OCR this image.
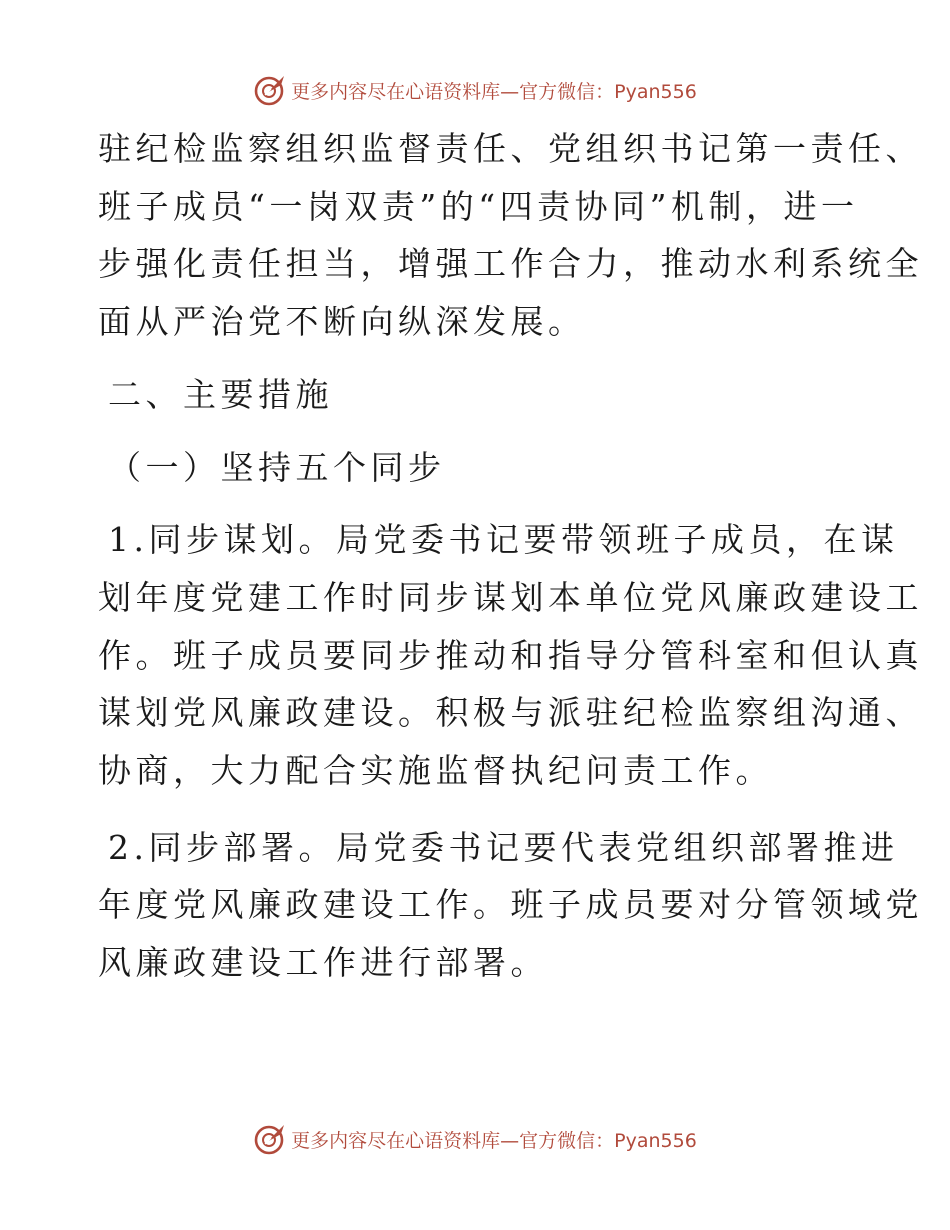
更多内容尽在心语资料库—官方微信：Pyan556

驻纪检监察组织监督责任、党组织书记第一责任、
班子成员“一岗双责”的“四责协同”机制，进一
步强化责任担当，增强工作合力，推动水利系统全
面从严治党不断向纵深发展。

二、主要措施

（一）坚持五个同步

1.同步谋划。局党委书记要带领班子成员，在谋
划年度党建工作时同步谋划本单位党风廉政建设工
作。班子成员要同步推动和指导分管科室和但认真
谋划党风廉政建设。积极与派驻纪检监察组沟通、
协商，大力配合实施监督执纪问责工作。

2.同步部署。局党委书记要代表党组织部署推进
年度党风廉政建设工作。班子成员要对分管领域党
风廉政建设工作进行部署。

更多内容尽在心语资料库—官方微信：Pyan556
